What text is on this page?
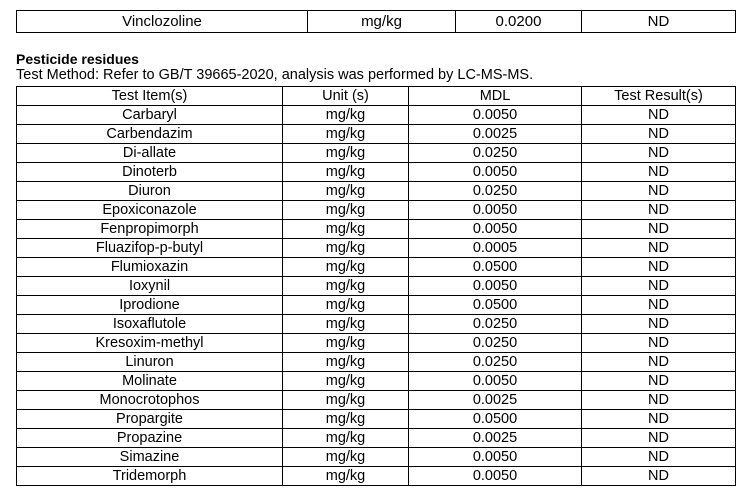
Vinclozoline	mg/kg	0.0200	ND
Pesticide residues
Test Method: Refer to GB/T 39665-2020, analysis was performed by LC-MS-MS.
Test Item(s)	Unit (s)	MDL	Test Result(s)
Carbaryl	mg/kg	0.0050	ND
Carbendazim	mg/kg	0.0025	ND
Di-allate	mg/kg	0.0250	ND
Dinoterb	mg/kg	0.0050	ND
Diuron	mg/kg	0.0250	ND
Epoxiconazole	mg/kg	0.0050	ND
Fenpropimorph	mg/kg	0.0050	ND
Fluazifop-p-butyl	mg/kg	0.0005	ND
Flumioxazin	mg/kg	0.0500	ND
Ioxynil	mg/kg	0.0050	ND
Iprodione	mg/kg	0.0500	ND
Isoxaflutole	mg/kg	0.0250	ND
Kresoxim-methyl	mg/kg	0.0250	ND
Linuron	mg/kg	0.0250	ND
Molinate	mg/kg	0.0050	ND
Monocrotophos	mg/kg	0.0025	ND
Propargite	mg/kg	0.0500	ND
Propazine	mg/kg	0.0025	ND
Simazine	mg/kg	0.0050	ND
Tridemorph	mg/kg	0.0050	ND
